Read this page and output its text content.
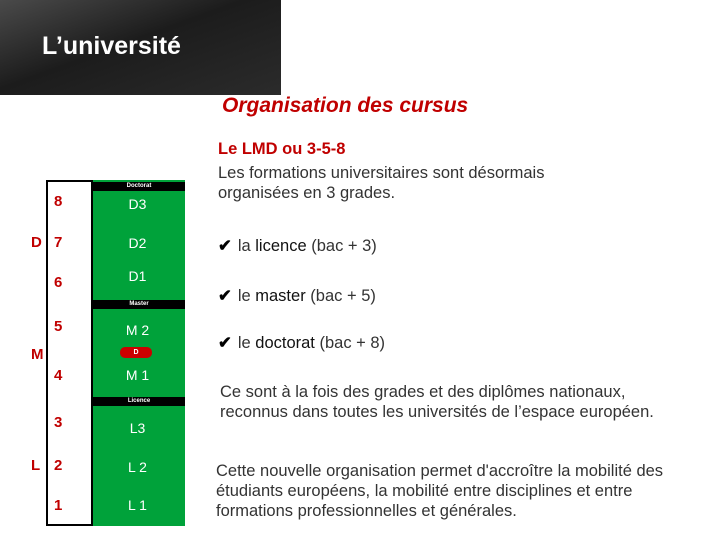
L’université
Organisation des cursus
Doctorat
Master
Licence
D
8
7
6
5
4
3
2
1
D
M
L
D3
D2
D1
M 2
M 1
L3
L 2
L 1
Le LMD ou 3-5-8
Les formations universitaires sont désormais organisées en 3 grades.
✔ la licence (bac + 3)
✔ le master (bac + 5)
✔ le doctorat (bac + 8)
Ce sont à la fois des grades et des diplômes nationaux, reconnus dans toutes les universités de l’espace européen.
Cette nouvelle organisation permet d'accroître la mobilité des étudiants européens, la mobilité entre disciplines et entre formations professionnelles et générales.
